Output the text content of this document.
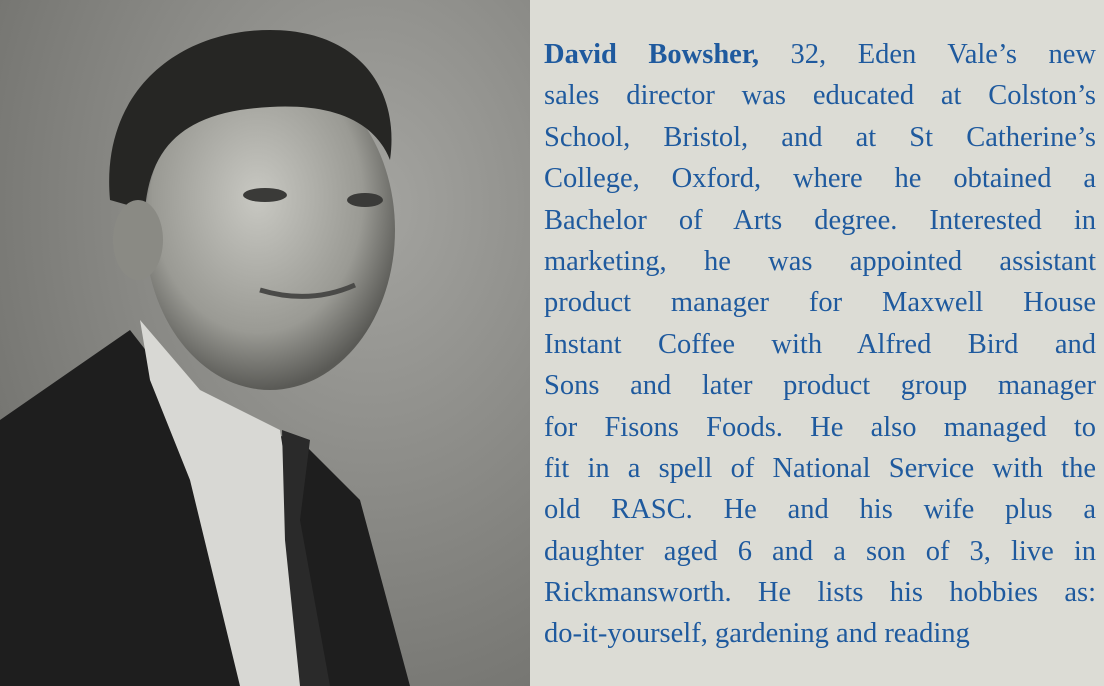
David Bowsher, 32, Eden Vale’s new
sales director was educated at Colston’s
School, Bristol, and at St Catherine’s
College, Oxford, where he obtained a
Bachelor of Arts degree. Interested in
marketing, he was appointed assistant
product manager for Maxwell House
Instant Coffee with Alfred Bird and
Sons and later product group manager
for Fisons Foods. He also managed to
fit in a spell of National Service with the
old RASC. He and his wife plus a
daughter aged 6 and a son of 3, live in
Rickmansworth. He lists his hobbies as:
do-it-yourself, gardening and reading
